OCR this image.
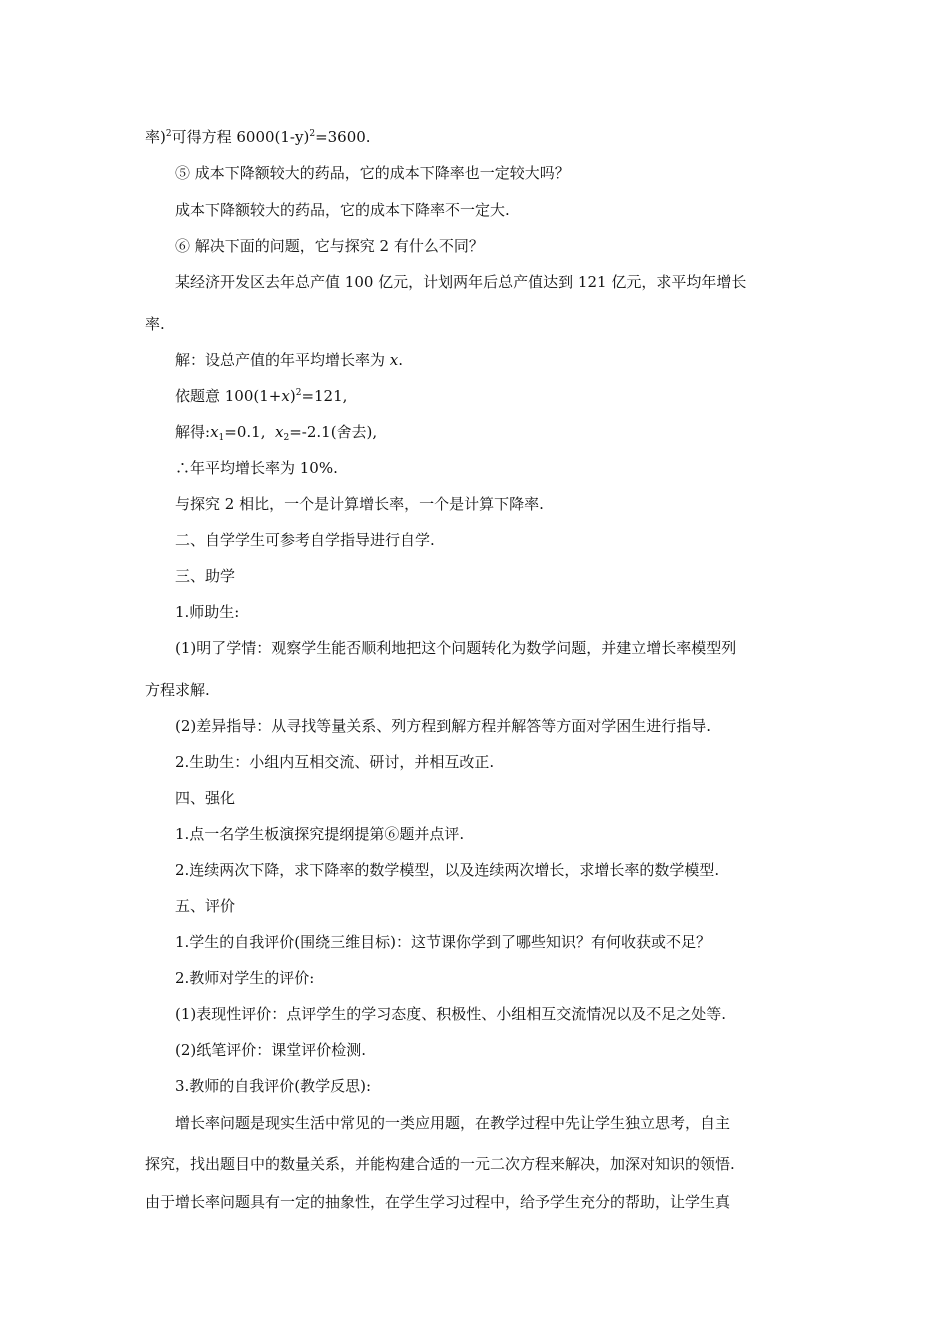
率)$^2$可得方程 $6000(1-y)^2=3600$.
⑤ 成本下降额较大的药品，它的成本下降率也一定较大吗？
成本下降额较大的药品，它的成本下降率不一定大.
⑥ 解决下面的问题，它与探究 2 有什么不同？
某经济开发区去年总产值 100 亿元，计划两年后总产值达到 121 亿元，求平均年增长
率.
解：设总产值的年平均增长率为 x.
依题意 $100(1+x)^2=121$,
解得$:x_1=0.1$,  $x_2=-2.1$(舍去),
∴年平均增长率为 10%.
与探究 2 相比，一个是计算增长率，一个是计算下降率.
二、自学学生可参考自学指导进行自学.
三、助学
1.师助生:
(1)明了学情：观察学生能否顺利地把这个问题转化为数学问题，并建立增长率模型列
方程求解.
(2)差异指导：从寻找等量关系、列方程到解方程并解答等方面对学困生进行指导.
2.生助生：小组内互相交流、研讨，并相互改正.
四、强化
1.点一名学生板演探究提纲提第⑥题并点评.
2.连续两次下降，求下降率的数学模型，以及连续两次增长，求增长率的数学模型.
五、评价
1.学生的自我评价(围绕三维目标)：这节课你学到了哪些知识？有何收获或不足？
2.教师对学生的评价:
(1)表现性评价：点评学生的学习态度、积极性、小组相互交流情况以及不足之处等.
(2)纸笔评价：课堂评价检测.
3.教师的自我评价(教学反思):
增长率问题是现实生活中常见的一类应用题，在教学过程中先让学生独立思考，自主
探究，找出题目中的数量关系，并能构建合适的一元二次方程来解决，加深对知识的领悟.
由于增长率问题具有一定的抽象性，在学生学习过程中，给予学生充分的帮助，让学生真
